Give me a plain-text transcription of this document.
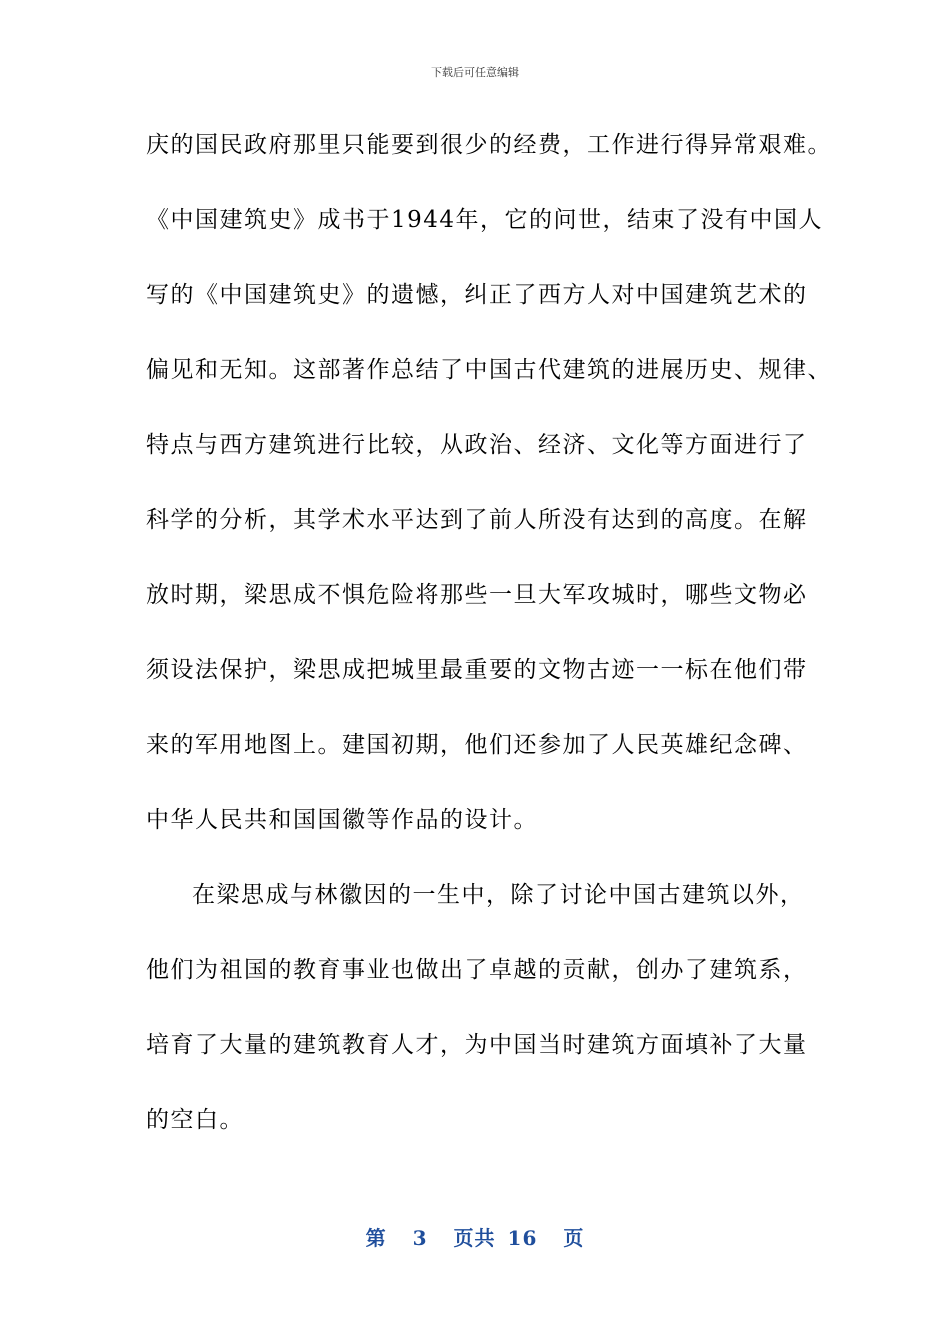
下载后可任意编辑
庆的国民政府那里只能要到很少的经费，工作进行得异常艰难。
《中国建筑史》成书于1944年，它的问世，结束了没有中国人
写的《中国建筑史》的遗憾，纠正了西方人对中国建筑艺术的
偏见和无知。这部著作总结了中国古代建筑的进展历史、规律、
特点与西方建筑进行比较，从政治、经济、文化等方面进行了
科学的分析，其学术水平达到了前人所没有达到的高度。在解
放时期，梁思成不惧危险将那些一旦大军攻城时，哪些文物必
须设法保护，梁思成把城里最重要的文物古迹一一标在他们带
来的军用地图上。建国初期，他们还参加了人民英雄纪念碑、
中华人民共和国国徽等作品的设计。
在梁思成与林徽因的一生中，除了讨论中国古建筑以外，
他们为祖国的教育事业也做出了卓越的贡献，创办了建筑系，
培育了大量的建筑教育人才，为中国当时建筑方面填补了大量
的空白。
第 3 页共 16 页
